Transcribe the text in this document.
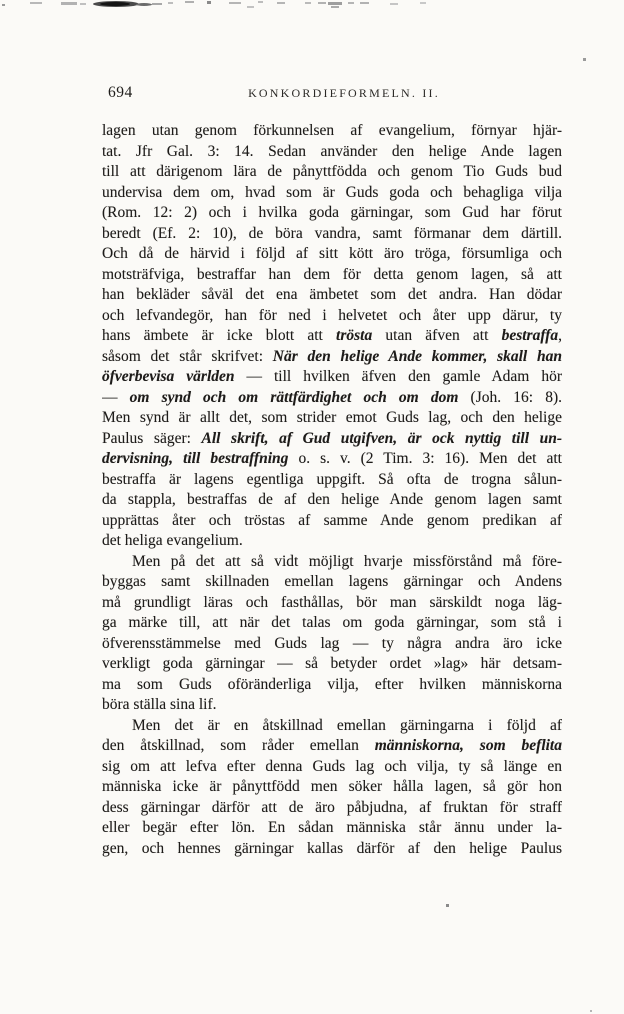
694	KONKORDIEFORMELN. II.
lagen utan genom förkunnelsen af evangelium, förnyar hjär-
tat. Jfr Gal. 3: 14. Sedan använder den helige Ande lagen
till att därigenom lära de pånyttfödda och genom Tio Guds bud
undervisa dem om, hvad som är Guds goda och behagliga vilja
(Rom. 12: 2) och i hvilka goda gärningar, som Gud har förut
beredt (Ef. 2: 10), de böra vandra, samt förmanar dem därtill.
Och då de härvid i följd af sitt kött äro tröga, försumliga och
motsträfviga, bestraffar han dem för detta genom lagen, så att
han bekläder såväl det ena ämbetet som det andra. Han dödar
och lefvandegör, han för ned i helvetet och åter upp därur, ty
hans ämbete är icke blott att trösta utan äfven att bestraffa,
såsom det står skrifvet: När den helige Ande kommer, skall han
öfverbevisa världen — till hvilken äfven den gamle Adam hör
— om synd och om rättfärdighet och om dom (Joh. 16: 8).
Men synd är allt det, som strider emot Guds lag, och den helige
Paulus säger: All skrift, af Gud utgifven, är ock nyttig till un-
dervisning, till bestraffning o. s. v. (2 Tim. 3: 16). Men det att
bestraffa är lagens egentliga uppgift. Så ofta de trogna sålun-
da stappla, bestraffas de af den helige Ande genom lagen samt
upprättas åter och tröstas af samme Ande genom predikan af
det heliga evangelium.
Men på det att så vidt möjligt hvarje missförstånd må före-
byggas samt skillnaden emellan lagens gärningar och Andens
må grundligt läras och fasthållas, bör man särskildt noga läg-
ga märke till, att när det talas om goda gärningar, som stå i
öfverensstämmelse med Guds lag — ty några andra äro icke
verkligt goda gärningar — så betyder ordet »lag» här detsam-
ma som Guds oföränderliga vilja, efter hvilken människorna
böra ställa sina lif.
Men det är en åtskillnad emellan gärningarna i följd af
den åtskillnad, som råder emellan människorna, som beflita
sig om att lefva efter denna Guds lag och vilja, ty så länge en
människa icke är pånyttfödd men söker hålla lagen, så gör hon
dess gärningar därför att de äro påbjudna, af fruktan för straff
eller begär efter lön. En sådan människa står ännu under la-
gen, och hennes gärningar kallas därför af den helige Paulus
